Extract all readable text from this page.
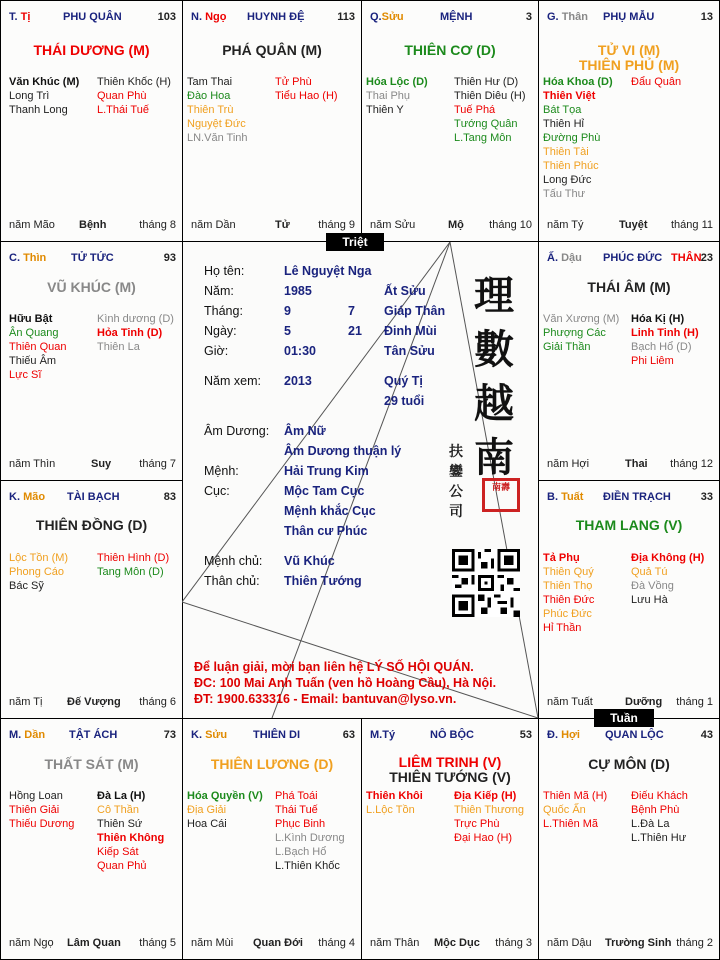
T. Tị	PHU QUÂN	103
THÁI DƯƠNG (M)
Văn Khúc (M)
Long Trì
Thanh Long
Thiên Khốc (H)
Quan Phù
L.Thái Tuế
năm Mão Bệnh	tháng 8
N. Ngọ HUYNH ĐỆ	113
PHÁ QUÂN (M)
Tam Thai
Đào Hoa
Thiên Trù
Nguyệt Đức
LN.Văn Tinh
Tử Phù
Tiểu Hao (H)
năm Dần	Tử	tháng 9
Q.Sửu	MỆNH	3
THIÊN CƠ (D)
Hóa Lộc (D)
Thai Phụ
Thiên Y
Thiên Hư (D)
Thiên Diêu (H)
Tuế Phá
Tướng Quân
L.Tang Môn
năm Sửu	Mộ tháng 10
G. Thân PHỤ MẪU	13
TỬ VI (M)
THIÊN PHỦ (M)
Hóa Khoa (D)
Thiên Việt
Bát Tọa
Thiên Hỉ
Đường Phù
Thiên Tài
Thiên Phúc
Long Đức
Tấu Thư
Đẩu Quân
năm Tý	Tuyệt tháng 11
C. Thìn TỬ TỨC	93
VŨ KHÚC (M)
Hữu Bật
Ân Quang
Thiên Quan
Thiếu Âm
Lực Sĩ
Kình dương (D)
Hỏa Tinh (D)
Thiên La
năm Thìn	Suy	tháng 7
Ấ. Dậu PHÚC ĐỨC THÂN 23
THÁI ÂM (M)
Văn Xương (M)
Phượng Các
Giải Thần
Hóa Kị (H)
Linh Tinh (H)
Bạch Hổ (D)
Phi Liêm
năm Hợi	Thai tháng 12
K. Mão TÀI BẠCH	83
THIÊN ĐỒNG (D)
Lộc Tồn (M)
Phong Cáo
Bác Sỹ
Thiên Hình (D)
Tang Môn (D)
năm Tị Đế Vượng tháng 6
B. Tuất ĐIỀN TRẠCH	33
THAM LANG (V)
Tả Phụ
Thiên Quý
Thiên Thọ
Thiên Đức
Phúc Đức
Hỉ Thần
Địa Không (H)
Quả Tú
Đà Vồng
Lưu Hà
năm Tuất	Dưỡng tháng 1
M. Dần TẬT ÁCH	73
THẤT SÁT (M)
Hồng Loan
Thiên Giải
Thiếu Dương
Đà La (H)
Cô Thần
Thiên Sứ
Thiên Không
Kiếp Sát
Quan Phủ
năm Ngọ Lâm Quan tháng 5
K. Sửu THIÊN DI	63
THIÊN LƯƠNG (D)
Hóa Quyền (V)
Địa Giải
Hoa Cái
Phá Toái
Thái Tuế
Phục Binh
L.Kình Dương
L.Bạch Hổ
L.Thiên Khốc
năm Mùi Quan Đới tháng 4
M.Tý	NÔ BỘC	53
LIÊM TRINH (V)
THIÊN TƯỚNG (V)
Thiên Khôi
L.Lộc Tồn
Địa Kiếp (H)
Thiên Thương
Trực Phù
Đại Hao (H)
năm Thân Mộc Dục tháng 3
Đ. Hợi QUAN LỘC	43
CỰ MÔN (D)
Thiên Mã (H)
Quốc Ấn
L.Thiên Mã
Điếu Khách
Bệnh Phù
L.Đà La
L.Thiên Hư
năm Dậu Trường Sinh tháng 2
Họ tên:	Lê Nguyệt Nga
Năm:	1985	Ất Sửu
Tháng:	9	7 Giáp Thân
Ngày:	5	21 Đinh Mùi
Giờ:	01:30	Tân Sửu
Năm xem: 2013	Quý Tị
29 tuổi
Âm Dương: Âm Nữ
Âm Dương thuận lý
Mệnh:	Hải Trung Kim
Cục:	Mộc Tam Cục
Mệnh khắc Cục
Thân cư Phúc
Mệnh chủ: Vũ Khúc
Thân chủ: Thiên Tướng
理
數
越
南
扶
鑾
公
司
南壽
Để luận giải, mời bạn liên hệ LÝ SỐ HỘI QUÁN.
ĐC: 100 Mai Anh Tuấn (ven hồ Hoàng Cầu), Hà Nội.
ĐT: 1900.633316 - Email: bantuvan@lyso.vn.
Triệt
Tuần
